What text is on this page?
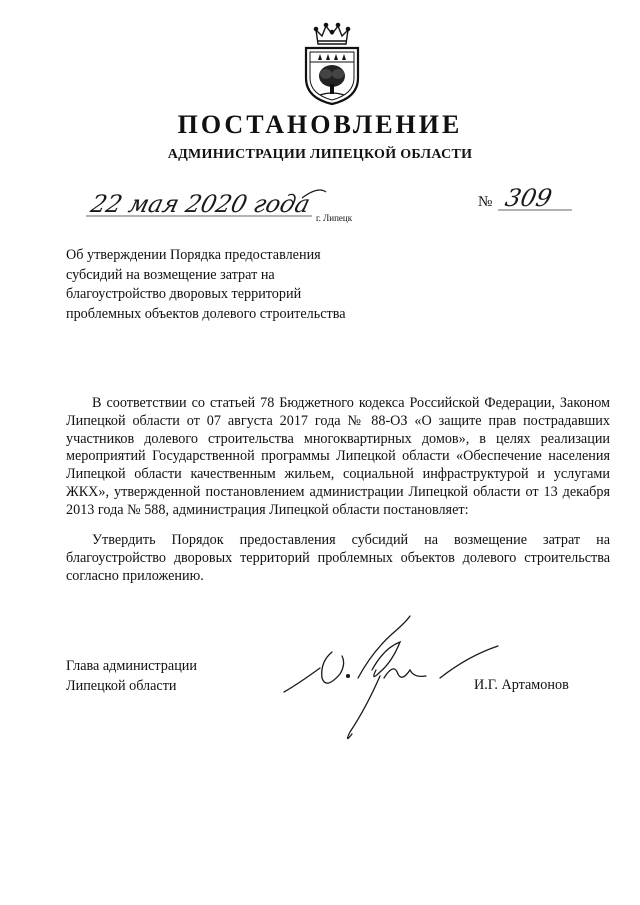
ПОСТАНОВЛЕНИЕ
АДМИНИСТРАЦИИ ЛИПЕЦКОЙ ОБЛАСТИ
22 мая 2020 года
г. Липецк
№ 309
Об утверждении Порядка предоставления
субсидий на возмещение затрат на
благоустройство дворовых территорий
проблемных объектов долевого строительства

В соответствии со статьей 78 Бюджетного кодекса Российской Федерации, Законом Липецкой области от 07 августа 2017 года № 88-ОЗ «О защите прав пострадавших участников долевого строительства многоквартирных домов», в целях реализации мероприятий Государственной программы Липецкой области «Обеспечение населения Липецкой области качественным жильем, социальной инфраструктурой и услугами ЖКХ», утвержденной постановлением администрации Липецкой области от 13 декабря 2013 года № 588, администрация Липецкой области постановляет:

Утвердить Порядок предоставления субсидий на возмещение затрат на благоустройство дворовых территорий проблемных объектов долевого строительства согласно приложению.

Глава администрации
Липецкой области	И.Г. Артамонов
